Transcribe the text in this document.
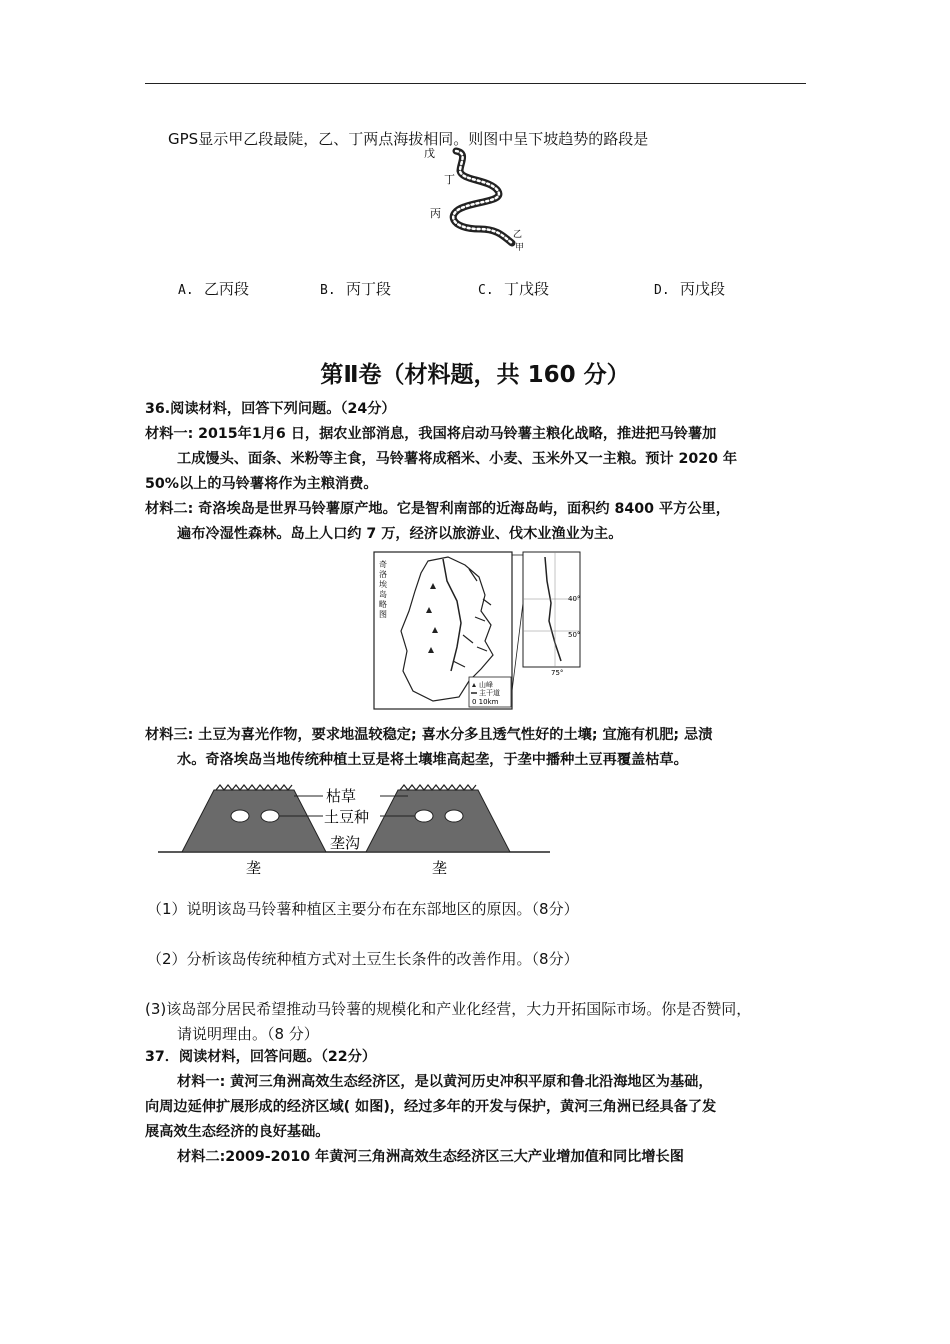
GPS显示甲乙段最陡，乙、丁两点海拔相同。则图中呈下坡趋势的路段是
戊
丁
丙
乙
甲
A. 乙丙段	B. 丙丁段	C. 丁戊段	D. 丙戊段
第Ⅱ卷（材料题，共 160 分）
36.阅读材料，回答下列问题。（24分）
材料一: 2015年1月6 日，据农业部消息，我国将启动马铃薯主粮化战略，推进把马铃薯加
工成馒头、面条、米粉等主食，马铃薯将成稻米、小麦、玉米外又一主粮。预计 2020 年
50%以上的马铃薯将作为主粮消费。
材料二: 奇洛埃岛是世界马铃薯原产地。它是智利南部的近海岛屿，面积约 8400 平方公里，
遍布冷湿性森林。岛上人口约 7 万，经济以旅游业、伐木业渔业为主。
奇
洛
埃
岛
略
图
山峰
主干道
0 10km
40°
50°
75°
材料三: 土豆为喜光作物，要求地温较稳定; 喜水分多且透气性好的土壤; 宜施有机肥; 忌渍
水。奇洛埃岛当地传统种植土豆是将土壤堆高起垄，于垄中播种土豆再覆盖枯草。
枯草
土豆种
垄沟
垄	垄
（1）说明该岛马铃薯种植区主要分布在东部地区的原因。（8分）
（2）分析该岛传统种植方式对土豆生长条件的改善作用。（8分）
(3)该岛部分居民希望推动马铃薯的规模化和产业化经营，大力开拓国际市场。你是否赞同，
请说明理由。（8 分）
37．阅读材料，回答问题。（22分）
材料一: 黄河三角洲高效生态经济区，是以黄河历史冲积平原和鲁北沿海地区为基础，
向周边延伸扩展形成的经济区域( 如图)，经过多年的开发与保护，黄河三角洲已经具备了发
展高效生态经济的良好基础。
材料二:2009-2010 年黄河三角洲高效生态经济区三大产业增加值和同比增长图
